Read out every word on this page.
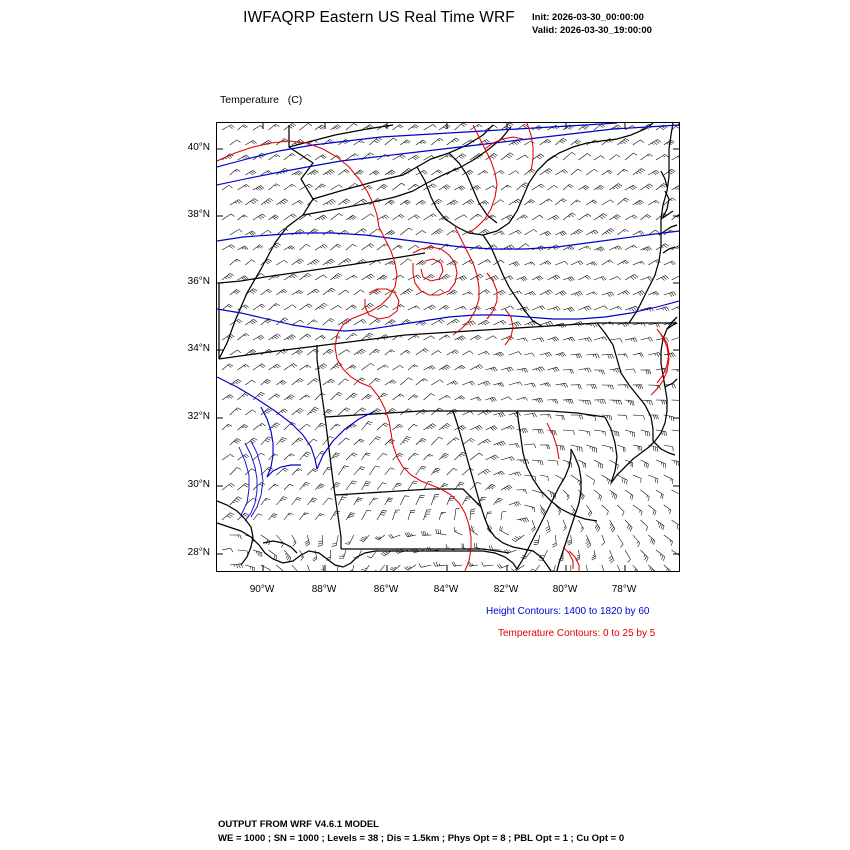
IWFAQRP Eastern US Real Time WRF	Init: 2026-03-30_00:00:00
Valid: 2026-03-30_19:00:00

Temperature   (C)

40°N
38°N
36°N
34°N
32°N
30°N
28°N
90°W	88°W	86°W	84°W	82°W	80°W	78°W
Height Contours: 1400 to 1820 by 60
Temperature Contours: 0 to 25 by 5
OUTPUT FROM WRF V4.6.1 MODEL
WE = 1000 ; SN = 1000 ; Levels = 38 ; Dis = 1.5km ; Phys Opt = 8 ; PBL Opt = 1 ; Cu Opt = 0
